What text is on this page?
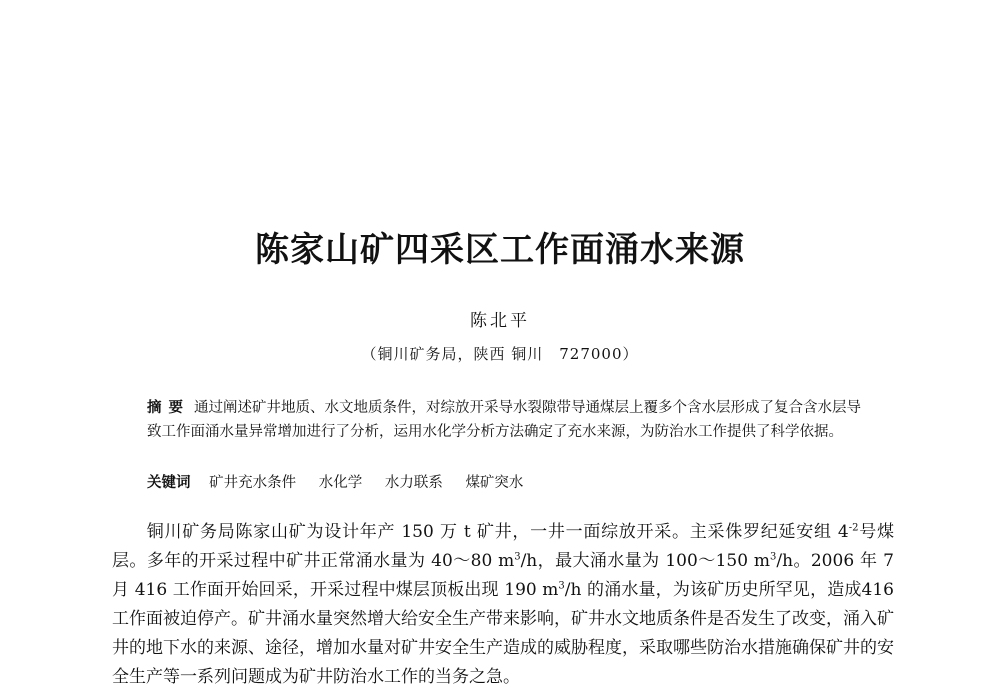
陈家山矿四采区工作面涌水来源
陈北平
（铜川矿务局，陕西 铜川　727000）
摘要 通过阐述矿井地质、水文地质条件，对综放开采导水裂隙带导通煤层上覆多个含水层形成了复合含水层导致工作面涌水量异常增加进行了分析，运用水化学分析方法确定了充水来源，为防治水工作提供了科学依据。
关键词 矿井充水条件 水化学 水力联系 煤矿突水
铜川矿务局陈家山矿为设计年产 150 万 t 矿井，一井一面综放开采。主采侏罗纪延安组 $4^{-2}$号煤层。多年的开采过程中矿井正常涌水量为 40～80 $m^3/h$，最大涌水量为 100～150 $m^3/h$。2006 年 7 月 416 工作面开始回采，开采过程中煤层顶板出现 190 $m^3/h$ 的涌水量，为该矿历史所罕见，造成416 工作面被迫停产。矿井涌水量突然增大给安全生产带来影响，矿井水文地质条件是否发生了改变，涌入矿井的地下水的来源、途径，增加水量对矿井安全生产造成的威胁程度，采取哪些防治水措施确保矿井的安全生产等一系列问题成为矿井防治水工作的当务之急。
